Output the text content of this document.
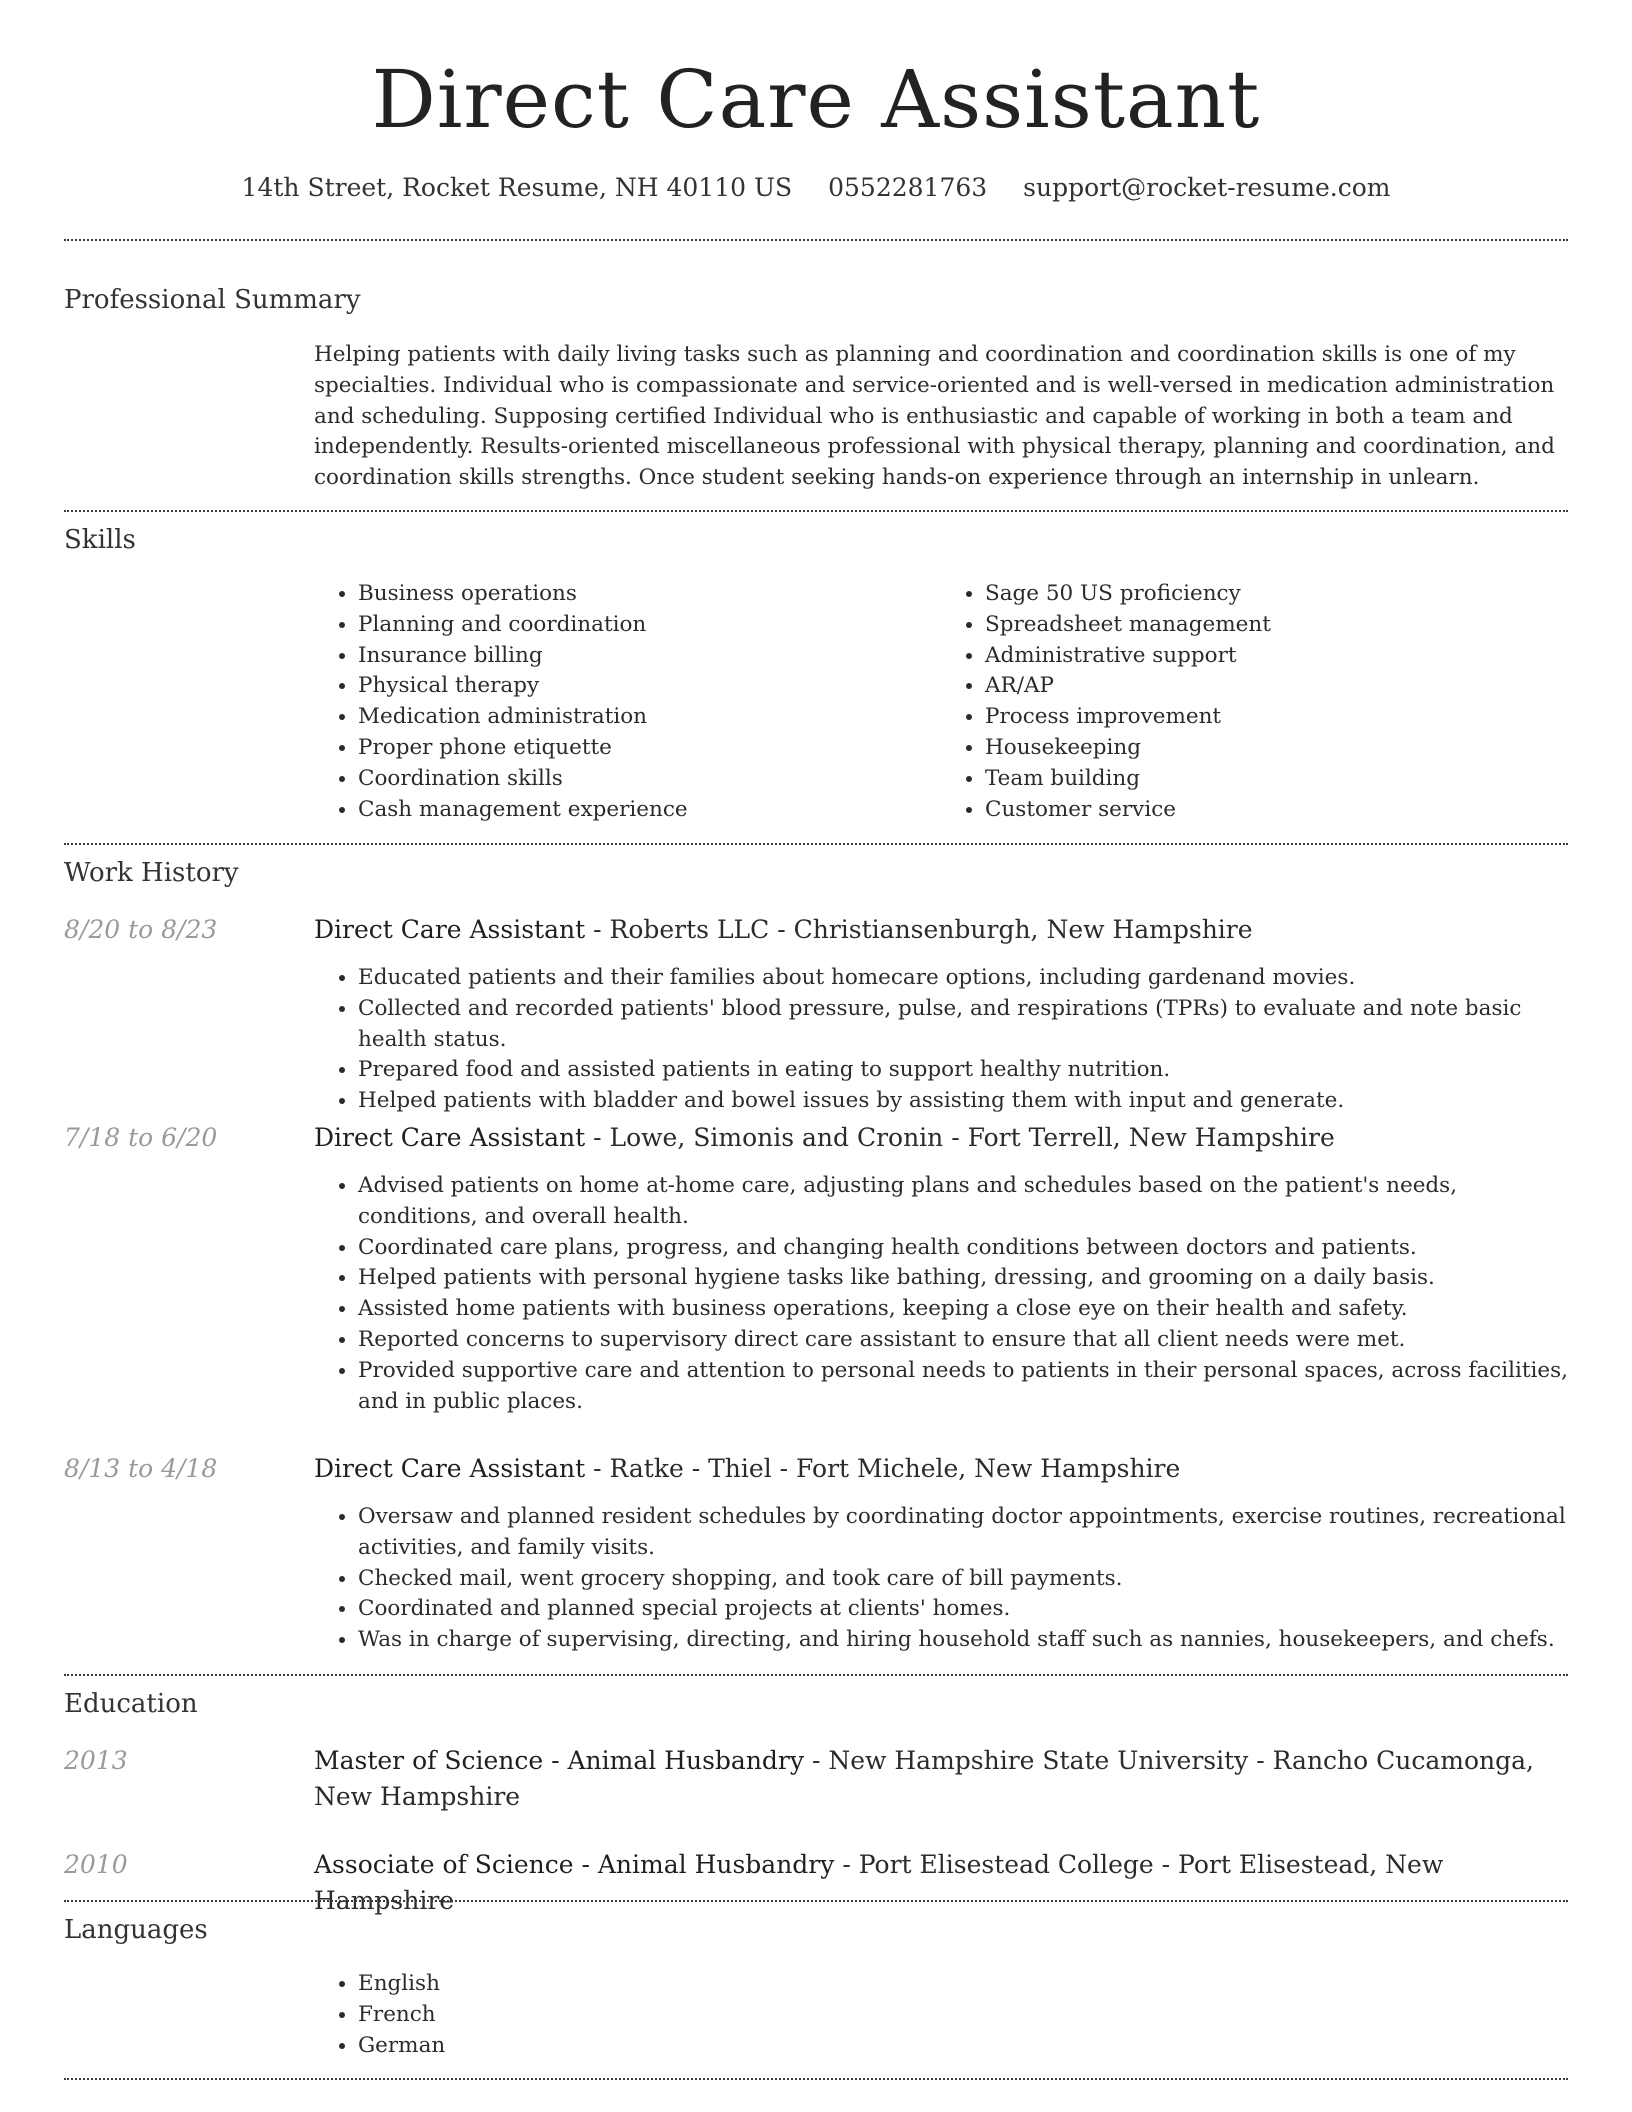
Direct Care Assistant
14th Street, Rocket Resume, NH 40110 US 0552281763 support@rocket-resume.com
Professional Summary

Helping patients with daily living tasks such as planning and coordination and coordination skills is one of my specialties. Individual who is compassionate and service-oriented and is well-versed in medication administration and scheduling. Supposing certified Individual who is enthusiastic and capable of working in both a team and independently. Results-oriented miscellaneous professional with physical therapy, planning and coordination, and coordination skills strengths. Once student seeking hands-on experience through an internship in unlearn.

Skills
• Business operations
• Planning and coordination
• Insurance billing
• Physical therapy
• Medication administration
• Proper phone etiquette
• Coordination skills
• Cash management experience
• Sage 50 US proficiency
• Spreadsheet management
• Administrative support
• AR/AP
• Process improvement
• Housekeeping
• Team building
• Customer service
Work History
8/20 to 8/23	Direct Care Assistant - Roberts LLC - Christiansenburgh, New Hampshire
• Educated patients and their families about homecare options, including gardenand movies.
• Collected and recorded patients' blood pressure, pulse, and respirations (TPRs) to evaluate and note basic health status.
• Prepared food and assisted patients in eating to support healthy nutrition.
• Helped patients with bladder and bowel issues by assisting them with input and generate.
7/18 to 6/20	Direct Care Assistant - Lowe, Simonis and Cronin - Fort Terrell, New Hampshire
• Advised patients on home at-home care, adjusting plans and schedules based on the patient's needs, conditions, and overall health.
• Coordinated care plans, progress, and changing health conditions between doctors and patients.
• Helped patients with personal hygiene tasks like bathing, dressing, and grooming on a daily basis.
• Assisted home patients with business operations, keeping a close eye on their health and safety.
• Reported concerns to supervisory direct care assistant to ensure that all client needs were met.
• Provided supportive care and attention to personal needs to patients in their personal spaces, across facilities, and in public places.
8/13 to 4/18	Direct Care Assistant - Ratke - Thiel - Fort Michele, New Hampshire
• Oversaw and planned resident schedules by coordinating doctor appointments, exercise routines, recreational activities, and family visits.
• Checked mail, went grocery shopping, and took care of bill payments.
• Coordinated and planned special projects at clients' homes.
• Was in charge of supervising, directing, and hiring household staff such as nannies, housekeepers, and chefs.
Education
2013	Master of Science - Animal Husbandry - New Hampshire State University - Rancho Cucamonga, New Hampshire
2010	Associate of Science - Animal Husbandry - Port Elisestead College - Port Elisestead, New Hampshire
Languages
• English
• French
• German
